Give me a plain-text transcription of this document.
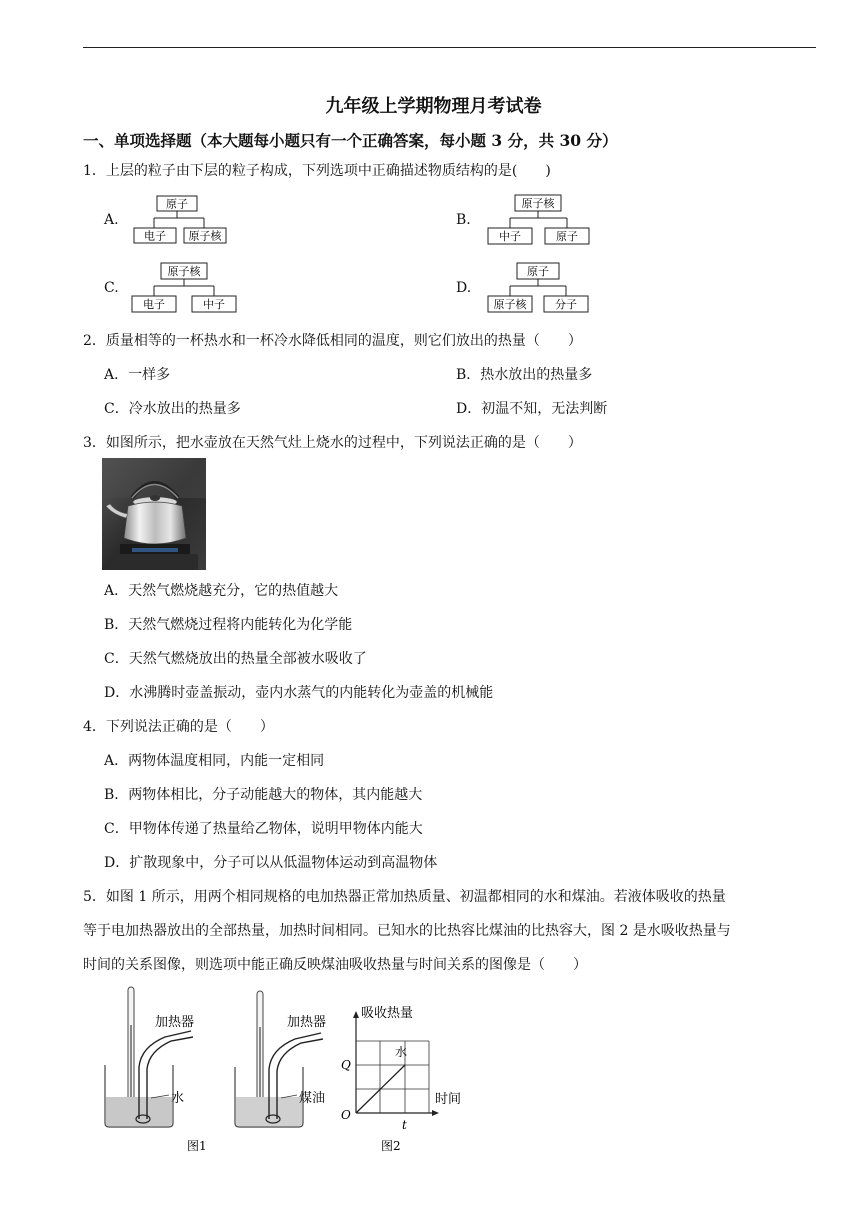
九年级上学期物理月考试卷
一、单项选择题（本大题每小题只有一个正确答案，每小题 3 分，共 30 分）
1．上层的粒子由下层的粒子构成，下列选项中正确描述物质结构的是(　　)
A.
原子
电子 原子核
B.
原子核
中子	原子
C.
原子核
电子	中子
D.
原子
原子核	分子
2．质量相等的一杯热水和一杯冷水降低相同的温度，则它们放出的热量（　　）
A．一样多	B．热水放出的热量多
C．冷水放出的热量多	D．初温不知，无法判断
3．如图所示，把水壶放在天然气灶上烧水的过程中，下列说法正确的是（　　）
A．天然气燃烧越充分，它的热值越大
B．天然气燃烧过程将内能转化为化学能
C．天然气燃烧放出的热量全部被水吸收了
D．水沸腾时壶盖振动，壶内水蒸气的内能转化为壶盖的机械能
4．下列说法正确的是（　　）
A．两物体温度相同，内能一定相同
B．两物体相比，分子动能越大的物体，其内能越大
C．甲物体传递了热量给乙物体，说明甲物体内能大
D．扩散现象中，分子可以从低温物体运动到高温物体
5．如图 1 所示，用两个相同规格的电加热器正常加热质量、初温都相同的水和煤油。若液体吸收的热量
等于电加热器放出的全部热量，加热时间相同。已知水的比热容比煤油的比热容大，图 2 是水吸收热量与
时间的关系图像，则选项中能正确反映煤油吸收热量与时间关系的图像是（　　）
加热器
水
图1
加热器
煤油
图2
吸收热量
Q
O
t
时间
水
